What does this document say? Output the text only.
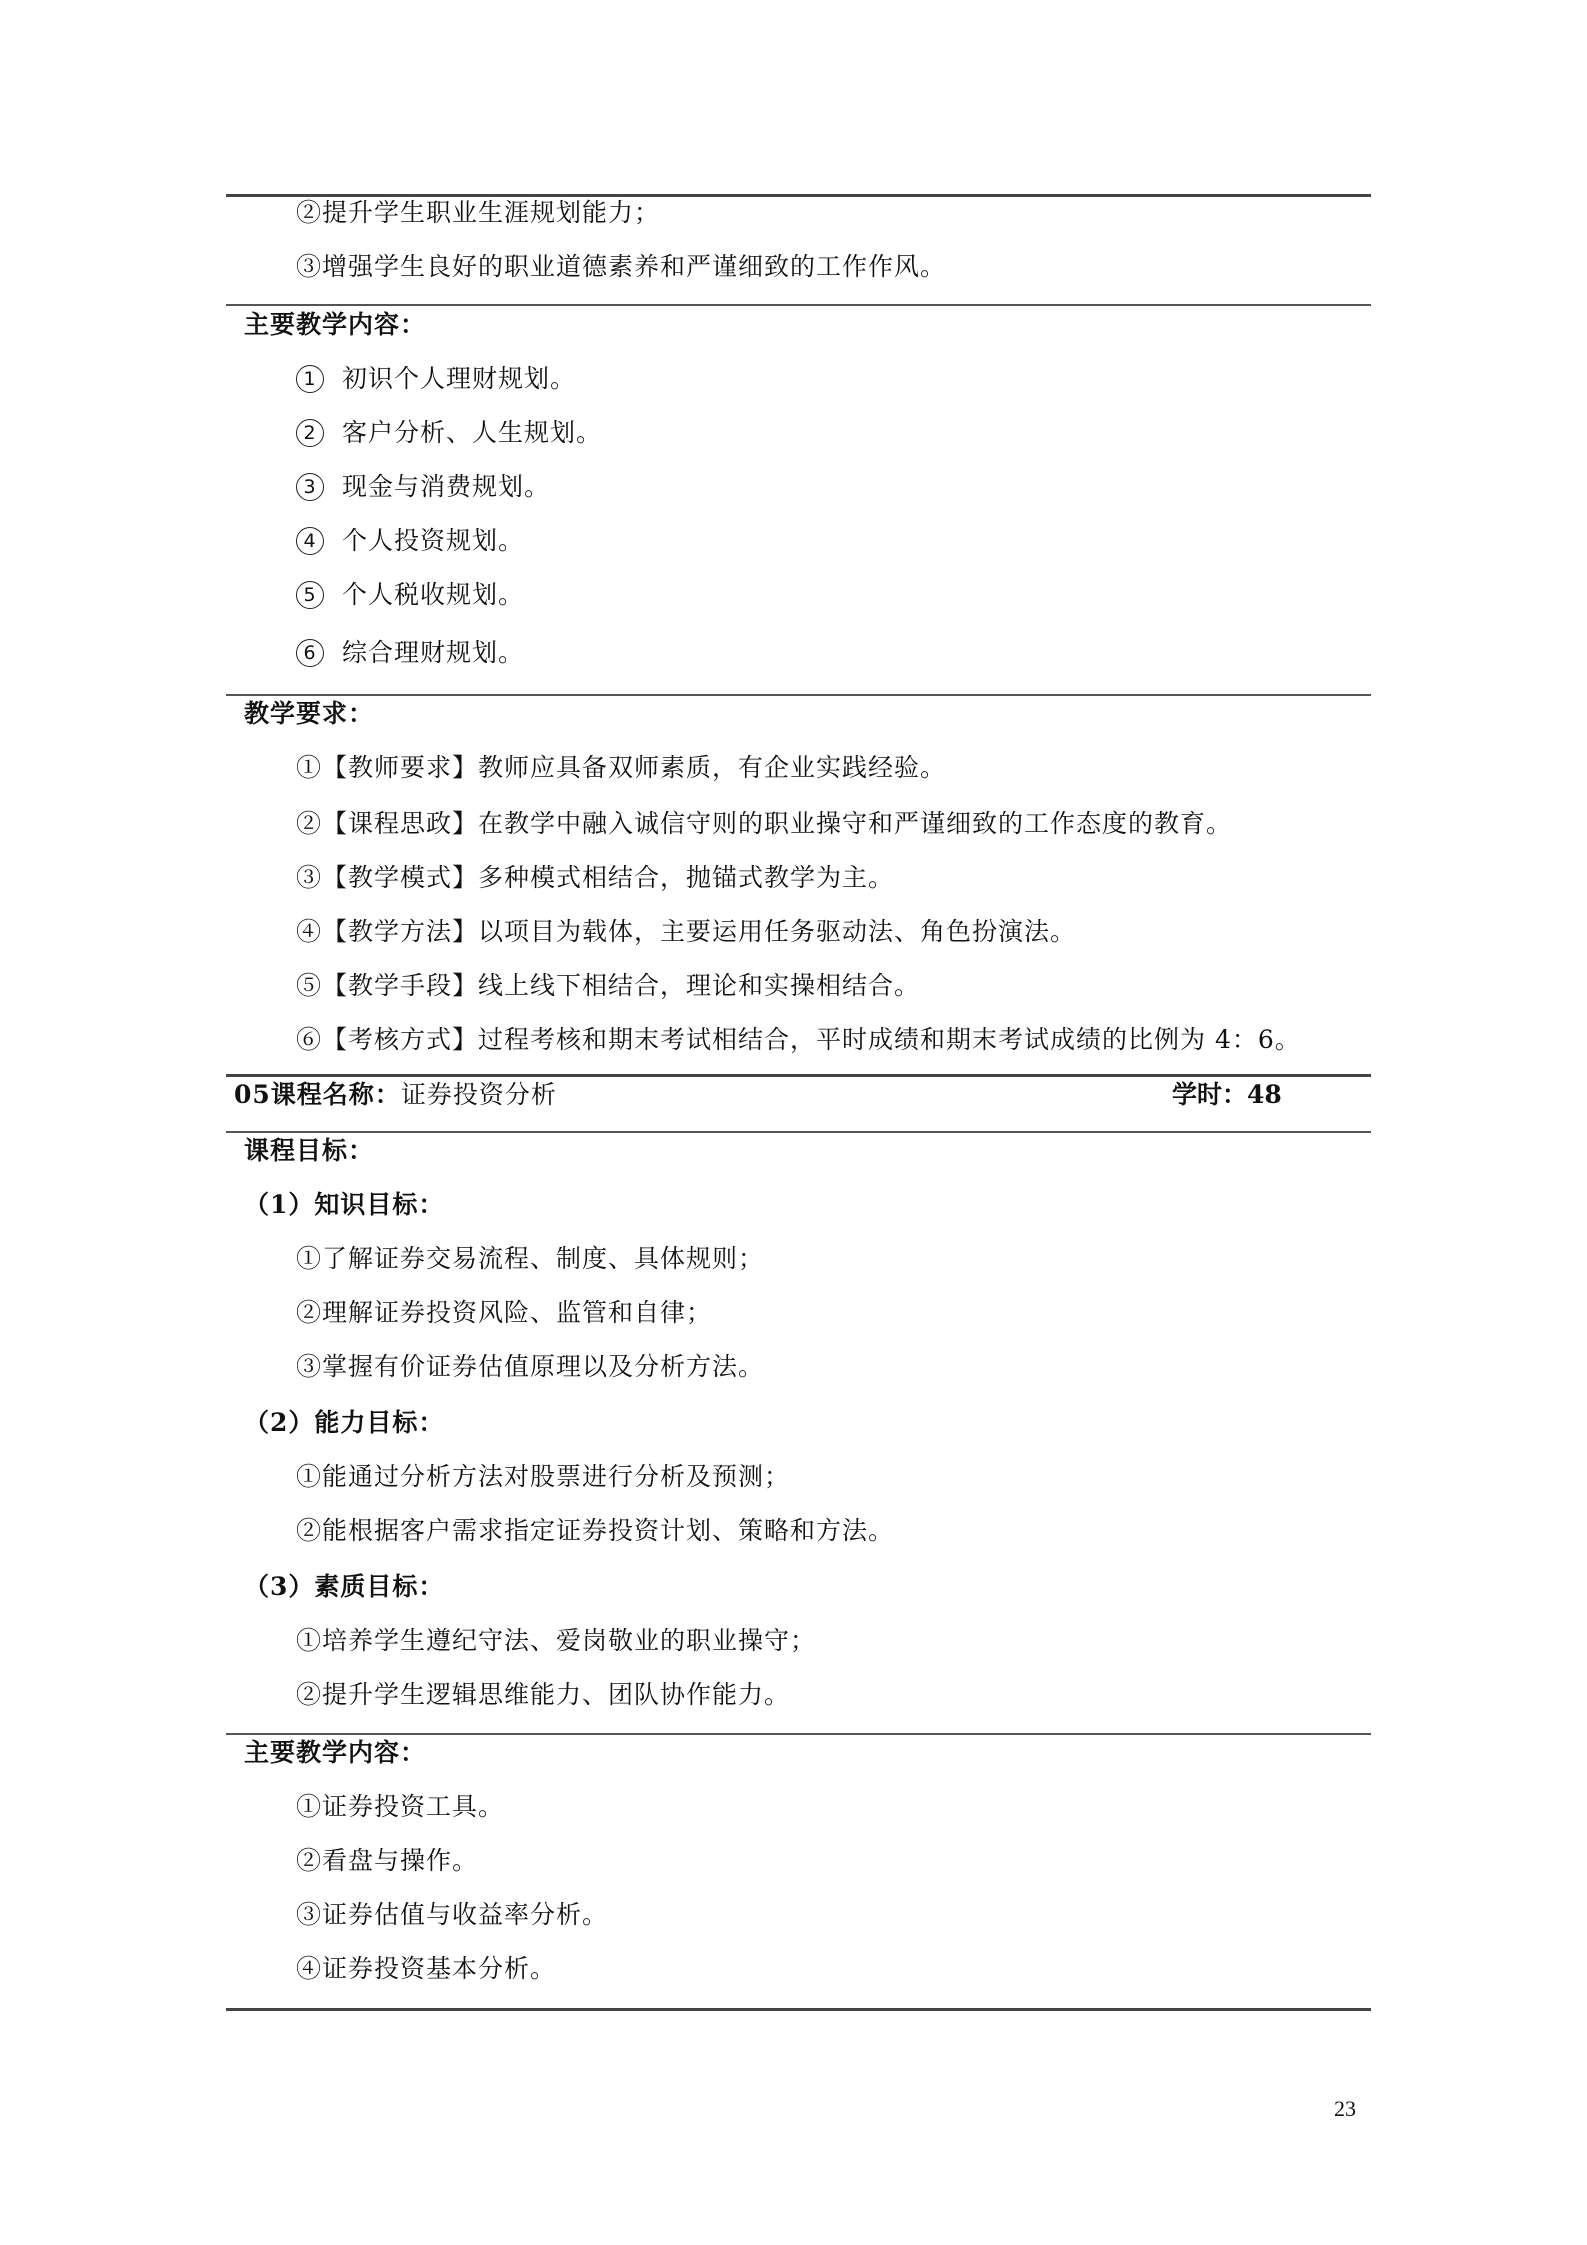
②提升学生职业生涯规划能力；
③增强学生良好的职业道德素养和严谨细致的工作作风。
主要教学内容：
1 初识个人理财规划。
2 客户分析、人生规划。
3 现金与消费规划。
4 个人投资规划。
5 个人税收规划。
6 综合理财规划。
教学要求：
①【教师要求】教师应具备双师素质，有企业实践经验。
②【课程思政】在教学中融入诚信守则的职业操守和严谨细致的工作态度的教育。
③【教学模式】多种模式相结合，抛锚式教学为主。
④【教学方法】以项目为载体，主要运用任务驱动法、角色扮演法。
⑤【教学手段】线上线下相结合，理论和实操相结合。
⑥【考核方式】过程考核和期末考试相结合，平时成绩和期末考试成绩的比例为 4：6。
05课程名称：证券投资分析	学时：48
课程目标：
（1）知识目标：
①了解证券交易流程、制度、具体规则；
②理解证券投资风险、监管和自律；
③掌握有价证券估值原理以及分析方法。
（2）能力目标：
①能通过分析方法对股票进行分析及预测；
②能根据客户需求指定证券投资计划、策略和方法。
（3）素质目标：
①培养学生遵纪守法、爱岗敬业的职业操守；
②提升学生逻辑思维能力、团队协作能力。
主要教学内容：
①证券投资工具。
②看盘与操作。
③证券估值与收益率分析。
④证券投资基本分析。
23
